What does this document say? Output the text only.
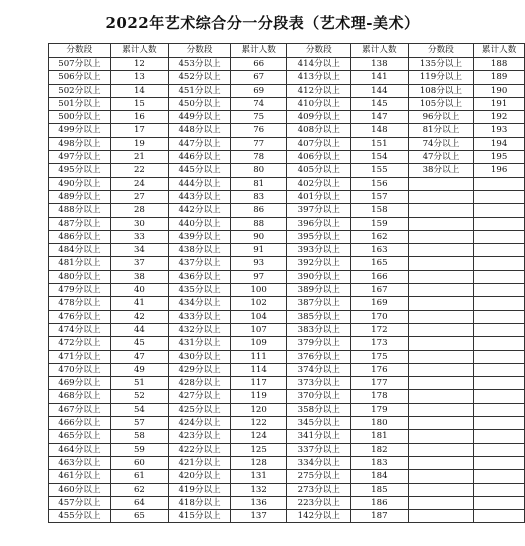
2022年艺术综合分一分段表（艺术理-美术）
分数段	累计人数	分数段	累计人数	分数段	累计人数	分数段	累计人数
507分以上	12	453分以上	66	414分以上	138	135分以上	188
506分以上	13	452分以上	67	413分以上	141	119分以上	189
502分以上	14	451分以上	69	412分以上	144	108分以上	190
501分以上	15	450分以上	74	410分以上	145	105分以上	191
500分以上	16	449分以上	75	409分以上	147	96分以上	192
499分以上	17	448分以上	76	408分以上	148	81分以上	193
498分以上	19	447分以上	77	407分以上	151	74分以上	194
497分以上	21	446分以上	78	406分以上	154	47分以上	195
495分以上	22	445分以上	80	405分以上	155	38分以上	196
490分以上	24	444分以上	81	402分以上	156		
489分以上	27	443分以上	83	401分以上	157		
488分以上	28	442分以上	86	397分以上	158		
487分以上	30	440分以上	88	396分以上	159		
486分以上	33	439分以上	90	395分以上	162		
484分以上	34	438分以上	91	393分以上	163		
481分以上	37	437分以上	93	392分以上	165		
480分以上	38	436分以上	97	390分以上	166		
479分以上	40	435分以上	100	389分以上	167		
478分以上	41	434分以上	102	387分以上	169		
476分以上	42	433分以上	104	385分以上	170		
474分以上	44	432分以上	107	383分以上	172		
472分以上	45	431分以上	109	379分以上	173		
471分以上	47	430分以上	111	376分以上	175		
470分以上	49	429分以上	114	374分以上	176		
469分以上	51	428分以上	117	373分以上	177		
468分以上	52	427分以上	119	370分以上	178		
467分以上	54	425分以上	120	358分以上	179		
466分以上	57	424分以上	122	345分以上	180		
465分以上	58	423分以上	124	341分以上	181		
464分以上	59	422分以上	125	337分以上	182		
463分以上	60	421分以上	128	334分以上	183		
461分以上	61	420分以上	131	275分以上	184		
460分以上	62	419分以上	132	273分以上	185		
457分以上	64	418分以上	136	223分以上	186		
455分以上	65	415分以上	137	142分以上	187		
